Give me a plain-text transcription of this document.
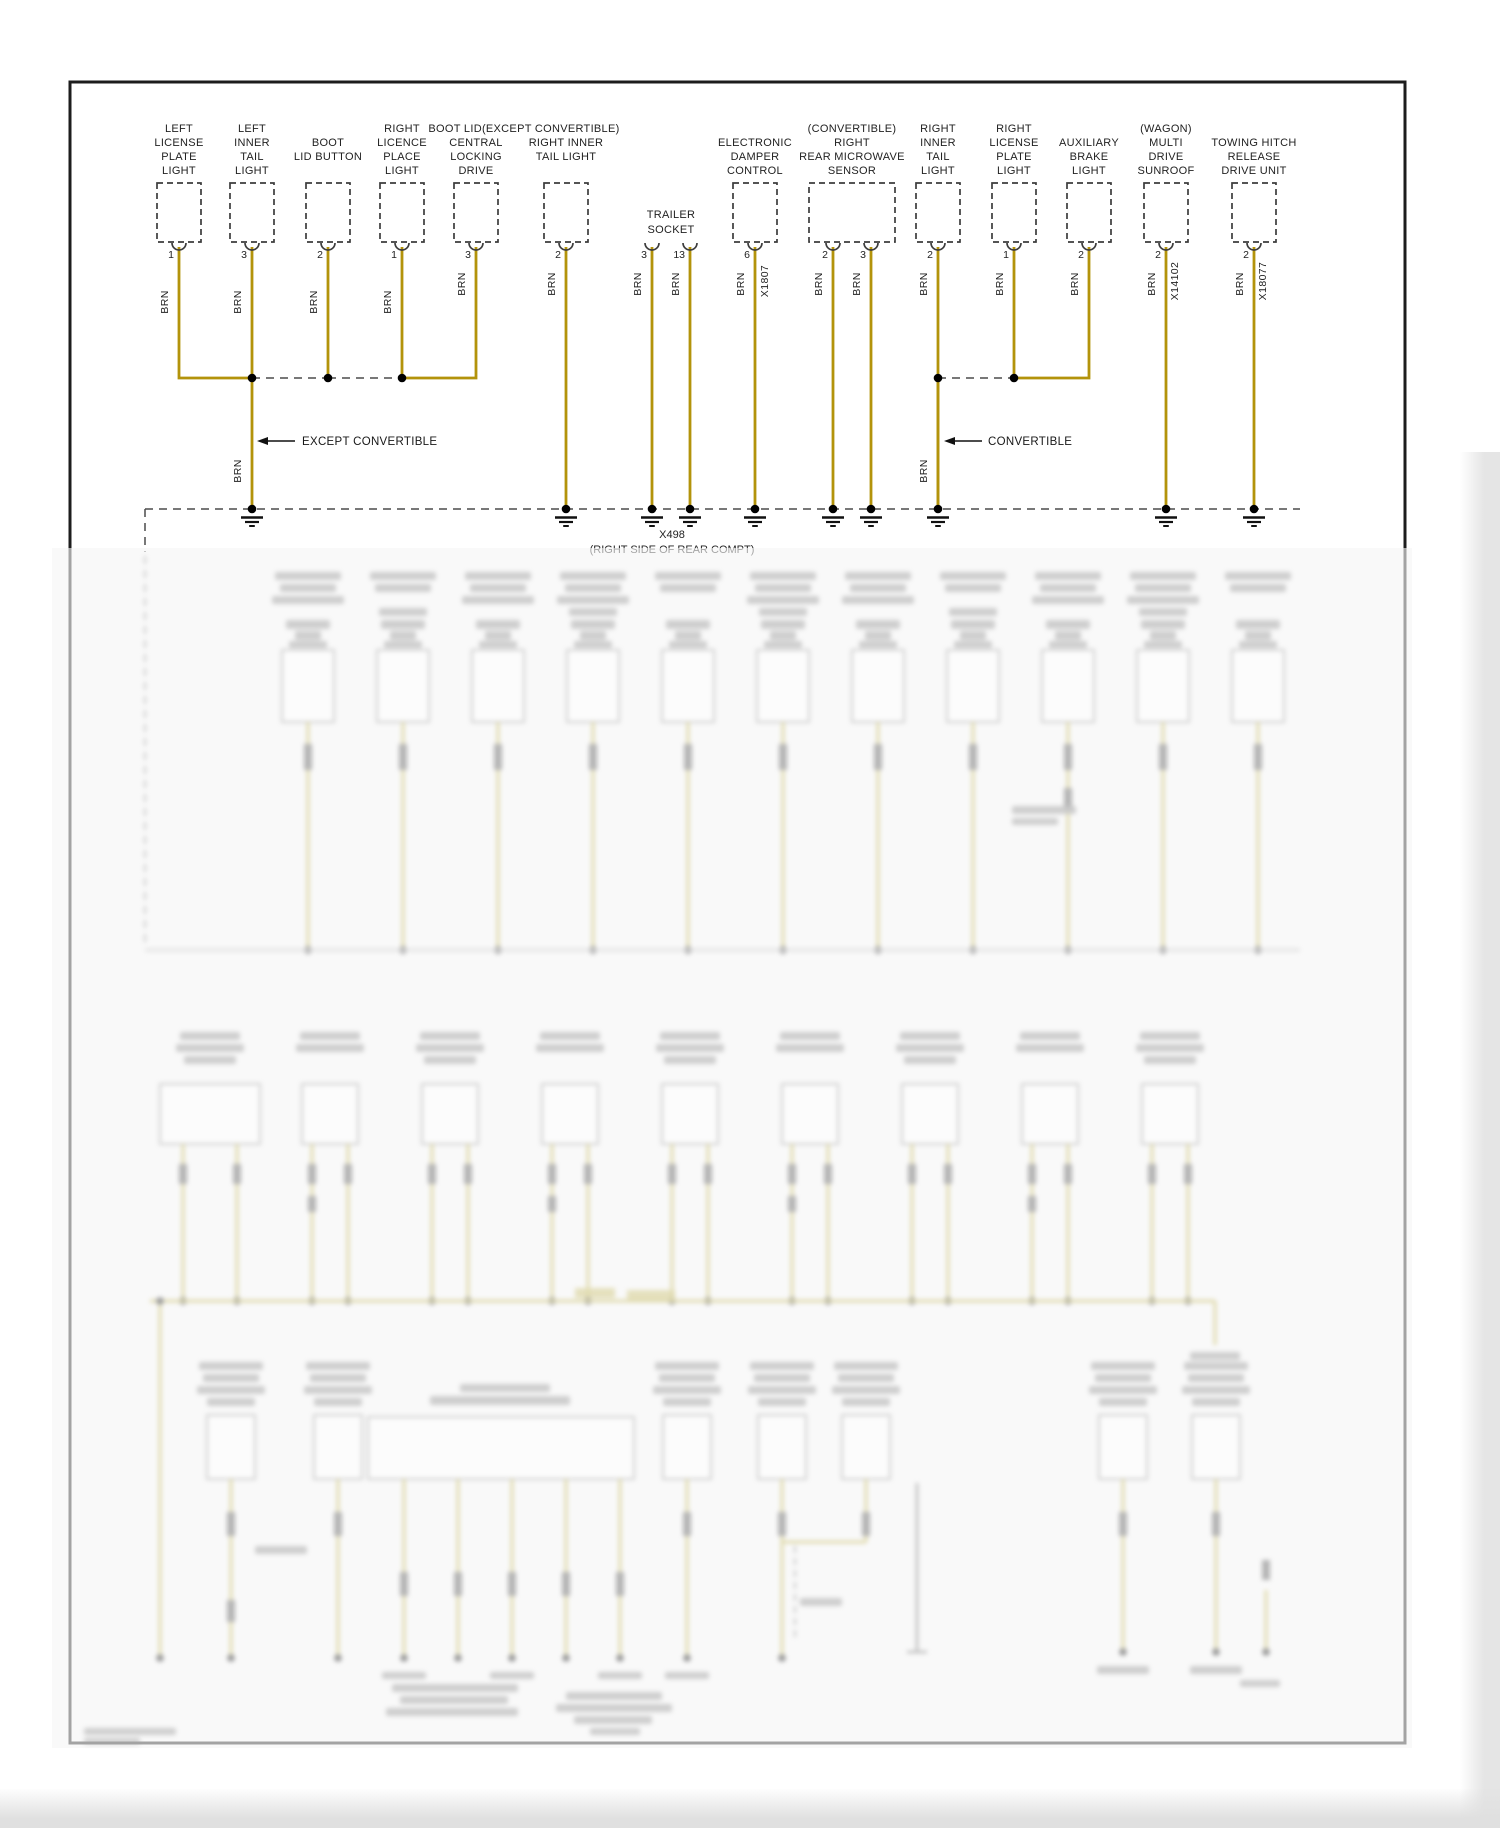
LEFT
LICENSE
PLATE
LIGHT
1
BRN
LEFT
INNER
TAIL
LIGHT
3
BRN
BOOT
LID BUTTON
2
BRN
RIGHT
LICENCE
PLACE
LIGHT
1
BRN
BOOT LID(EXCEPT CONVERTIBLE)
CENTRAL
LOCKING
DRIVE
3
BRN
RIGHT INNER
TAIL LIGHT
2
BRN
TRAILER
SOCKET
3	13
BRN BRN
ELECTRONIC
DAMPER
CONTROL
6
BRN X1807
(CONVERTIBLE)
RIGHT
REAR MICROWAVE
SENSOR
2	3
BRN BRN
RIGHT
INNER
TAIL
LIGHT
2
BRN
RIGHT
LICENSE
PLATE
LIGHT
1
BRN
AUXILIARY
BRAKE
LIGHT
2
BRN
(WAGON)
MULTI
DRIVE
SUNROOF
2
BRN X14102
TOWING HITCH
RELEASE
DRIVE UNIT
2
BRN X18077
EXCEPT CONVERTIBLE
BRN
CONVERTIBLE
BRN
X498
